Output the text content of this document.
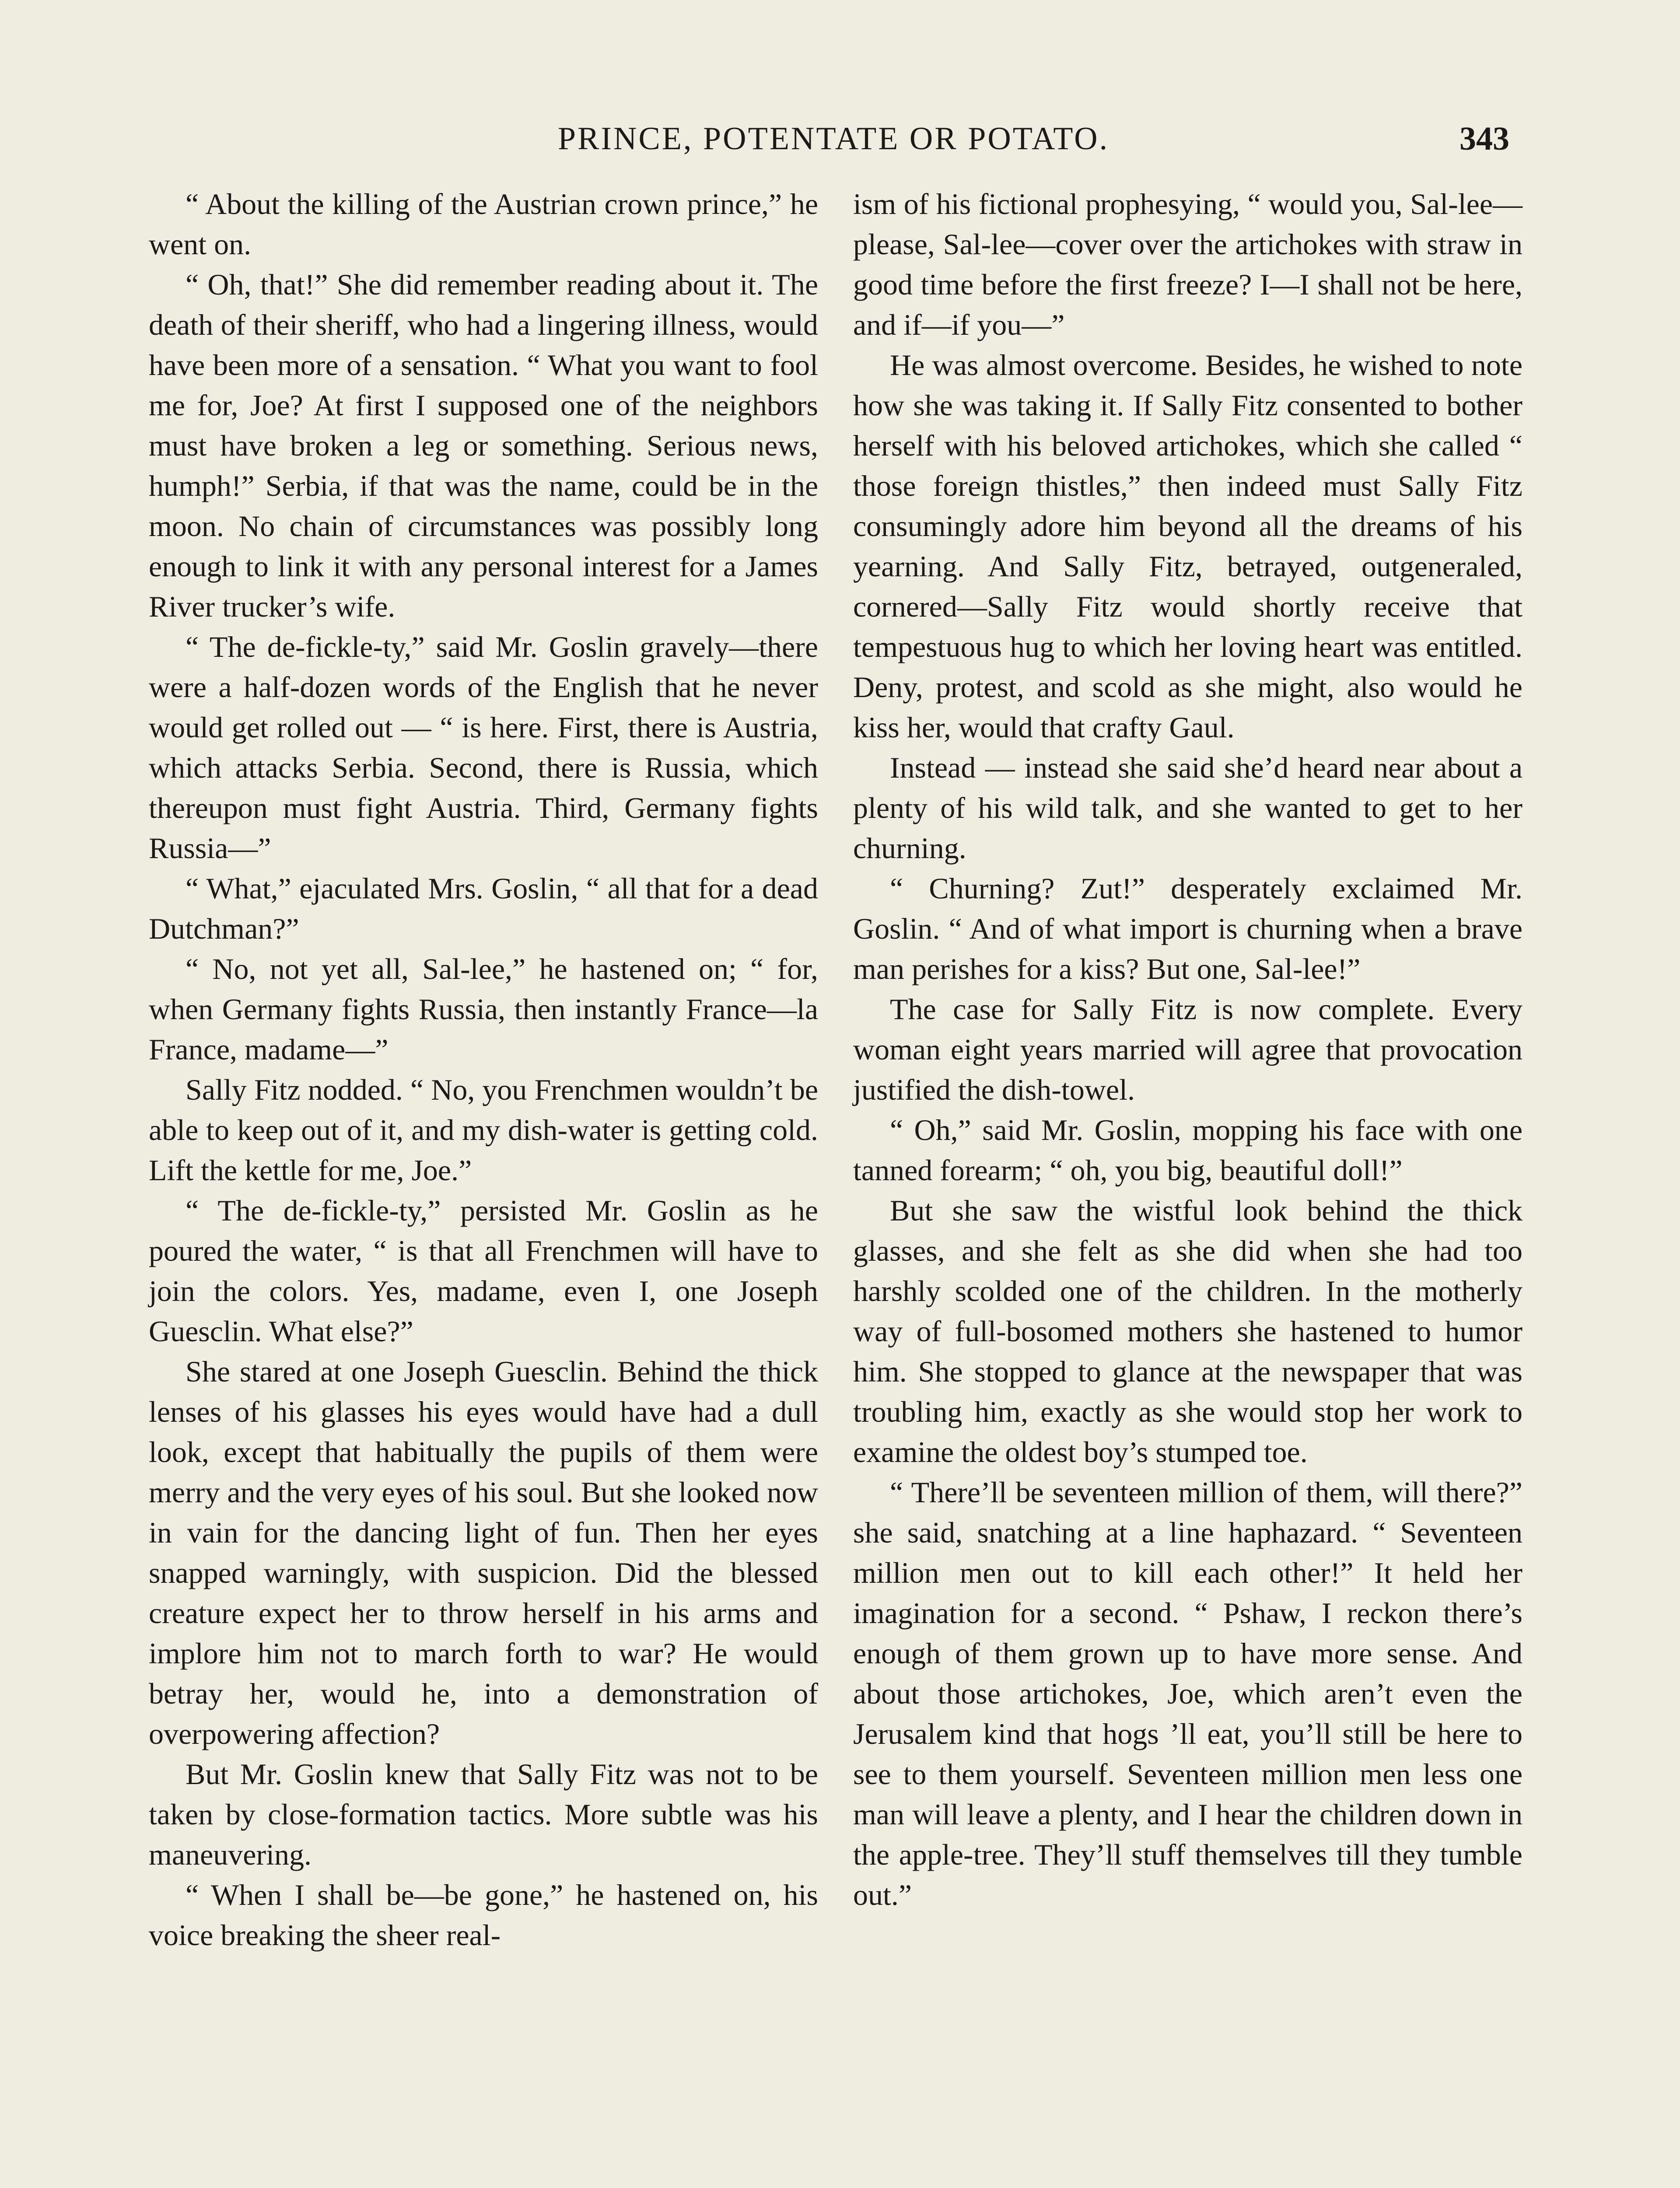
PRINCE, POTENTATE OR POTATO.	343

“ About the killing of the Austrian crown prince,” he went on.

“ Oh, that!” She did remember reading about it. The death of their sheriff, who had a lingering illness, would have been more of a sensation. “ What you want to fool me for, Joe? At first I supposed one of the neighbors must have broken a leg or something. Serious news, humph!” Serbia, if that was the name, could be in the moon. No chain of circumstances was possibly long enough to link it with any personal interest for a James River trucker’s wife.

“ The de-fickle-ty,” said Mr. Goslin gravely—there were a half-dozen words of the English that he never would get rolled out — “ is here. First, there is Austria, which attacks Serbia. Second, there is Russia, which thereupon must fight Austria. Third, Germany fights Russia—”

“ What,” ejaculated Mrs. Goslin, “ all that for a dead Dutchman?”

“ No, not yet all, Sal-lee,” he hastened on; “ for, when Germany fights Russia, then instantly France—la France, madame—”

Sally Fitz nodded. “ No, you Frenchmen wouldn’t be able to keep out of it, and my dish-water is getting cold. Lift the kettle for me, Joe.”

“ The de-fickle-ty,” persisted Mr. Goslin as he poured the water, “ is that all Frenchmen will have to join the colors. Yes, madame, even I, one Joseph Guesclin. What else?”

She stared at one Joseph Guesclin. Behind the thick lenses of his glasses his eyes would have had a dull look, except that habitually the pupils of them were merry and the very eyes of his soul. But she looked now in vain for the dancing light of fun. Then her eyes snapped warningly, with suspicion. Did the blessed creature expect her to throw herself in his arms and implore him not to march forth to war? He would betray her, would he, into a demonstration of overpowering affection?

But Mr. Goslin knew that Sally Fitz was not to be taken by close-formation tactics. More subtle was his maneuvering.

“ When I shall be—be gone,” he hastened on, his voice breaking the sheer real-

ism of his fictional prophesying, “ would you, Sal-lee—please, Sal-lee—cover over the artichokes with straw in good time before the first freeze? I—I shall not be here, and if—if you—”

He was almost overcome. Besides, he wished to note how she was taking it. If Sally Fitz consented to bother herself with his beloved artichokes, which she called “ those foreign thistles,” then indeed must Sally Fitz consumingly adore him beyond all the dreams of his yearning. And Sally Fitz, betrayed, outgeneraled, cornered—Sally Fitz would shortly receive that tempestuous hug to which her loving heart was entitled. Deny, protest, and scold as she might, also would he kiss her, would that crafty Gaul.

Instead — instead she said she’d heard near about a plenty of his wild talk, and she wanted to get to her churning.

“ Churning? Zut!” desperately exclaimed Mr. Goslin. “ And of what import is churning when a brave man perishes for a kiss? But one, Sal-lee!”

The case for Sally Fitz is now complete. Every woman eight years married will agree that provocation justified the dish-towel.

“ Oh,” said Mr. Goslin, mopping his face with one tanned forearm; “ oh, you big, beautiful doll!”

But she saw the wistful look behind the thick glasses, and she felt as she did when she had too harshly scolded one of the children. In the motherly way of full-bosomed mothers she hastened to humor him. She stopped to glance at the newspaper that was troubling him, exactly as she would stop her work to examine the oldest boy’s stumped toe.

“ There’ll be seventeen million of them, will there?” she said, snatching at a line haphazard. “ Seventeen million men out to kill each other!” It held her imagination for a second. “ Pshaw, I reckon there’s enough of them grown up to have more sense. And about those artichokes, Joe, which aren’t even the Jerusalem kind that hogs ’ll eat, you’ll still be here to see to them yourself. Seventeen million men less one man will leave a plenty, and I hear the children down in the apple-tree. They’ll stuff themselves till they tumble out.”
